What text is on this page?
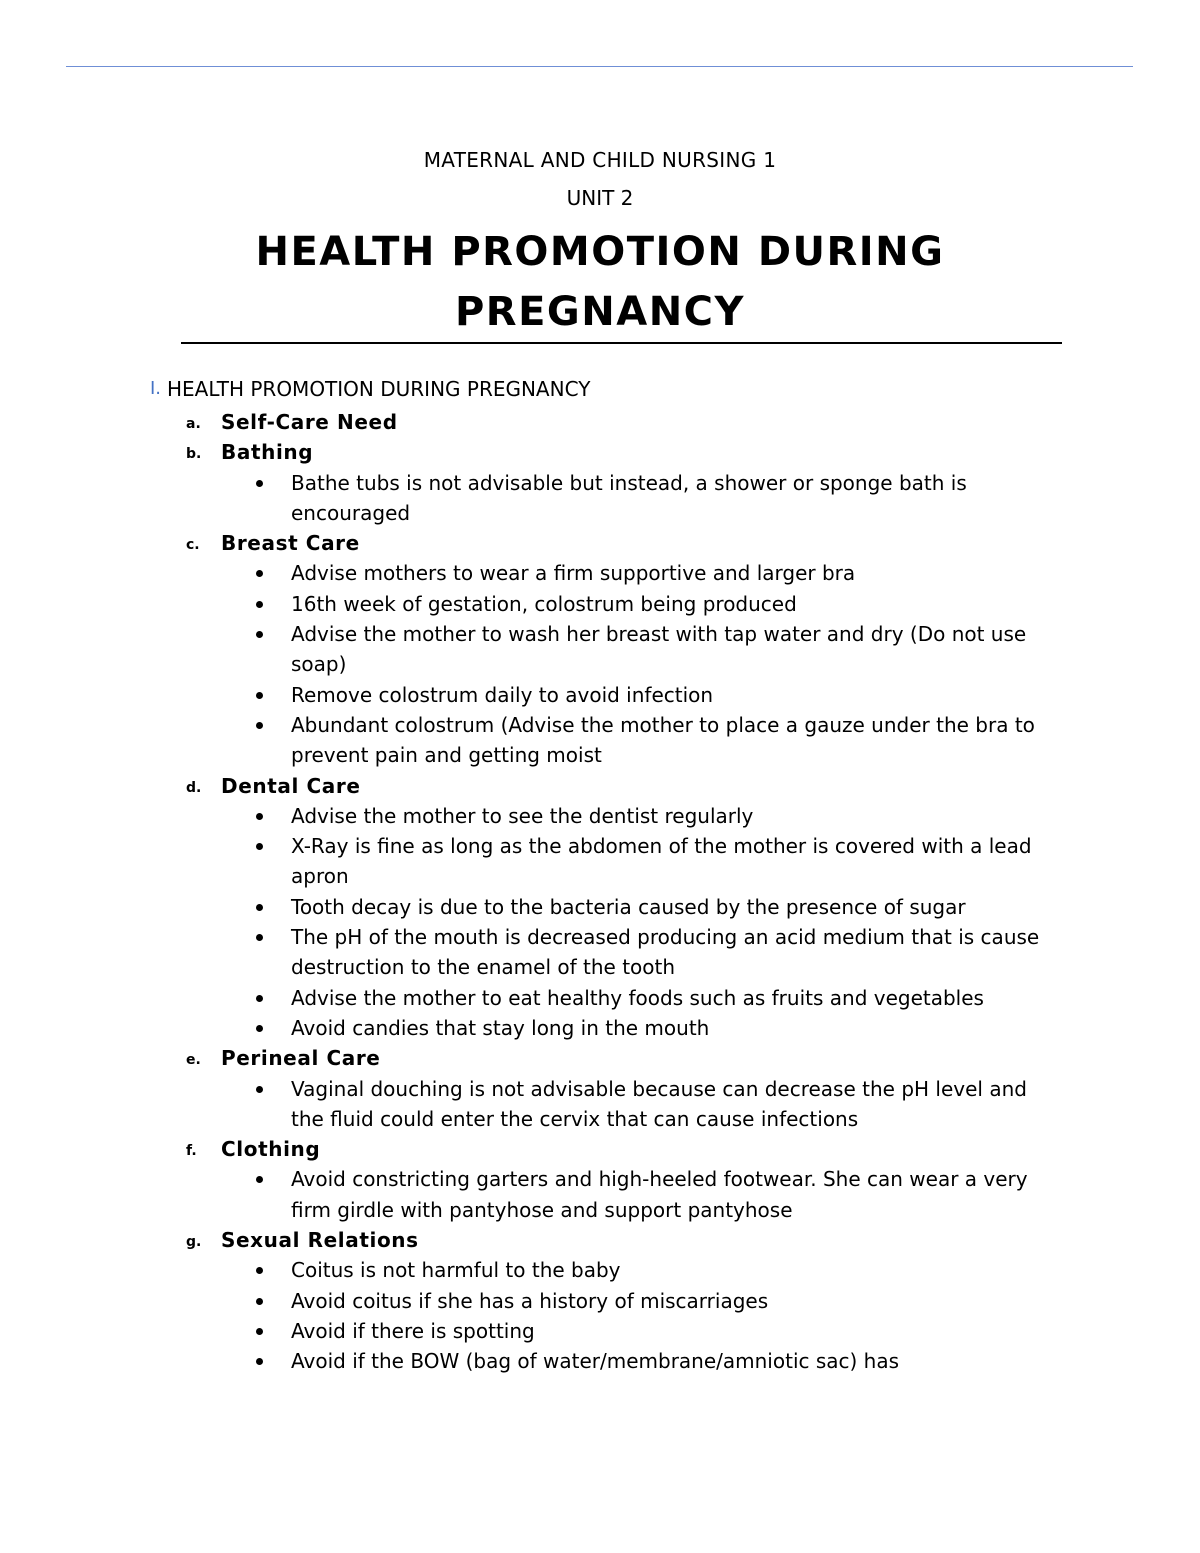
MATERNAL AND CHILD NURSING 1
UNIT 2
HEALTH PROMOTION DURING
PREGNANCY
I. HEALTH PROMOTION DURING PREGNANCY
a. Self-Care Need
b. Bathing
Bathe tubs is not advisable but instead, a shower or sponge bath is encouraged
c. Breast Care
Advise mothers to wear a firm supportive and larger bra
16th week of gestation, colostrum being produced
Advise the mother to wash her breast with tap water and dry (Do not use soap)
Remove colostrum daily to avoid infection
Abundant colostrum (Advise the mother to place a gauze under the bra to prevent pain and getting moist
d. Dental Care
Advise the mother to see the dentist regularly
X-Ray is fine as long as the abdomen of the mother is covered with a lead apron
Tooth decay is due to the bacteria caused by the presence of sugar
The pH of the mouth is decreased producing an acid medium that is cause destruction to the enamel of the tooth
Advise the mother to eat healthy foods such as fruits and vegetables
Avoid candies that stay long in the mouth
e. Perineal Care
Vaginal douching is not advisable because can decrease the pH level and the fluid could enter the cervix that can cause infections
f. Clothing
Avoid constricting garters and high-heeled footwear. She can wear a very firm girdle with pantyhose and support pantyhose
g. Sexual Relations
Coitus is not harmful to the baby
Avoid coitus if she has a history of miscarriages
Avoid if there is spotting
Avoid if the BOW (bag of water/membrane/amniotic sac) has
